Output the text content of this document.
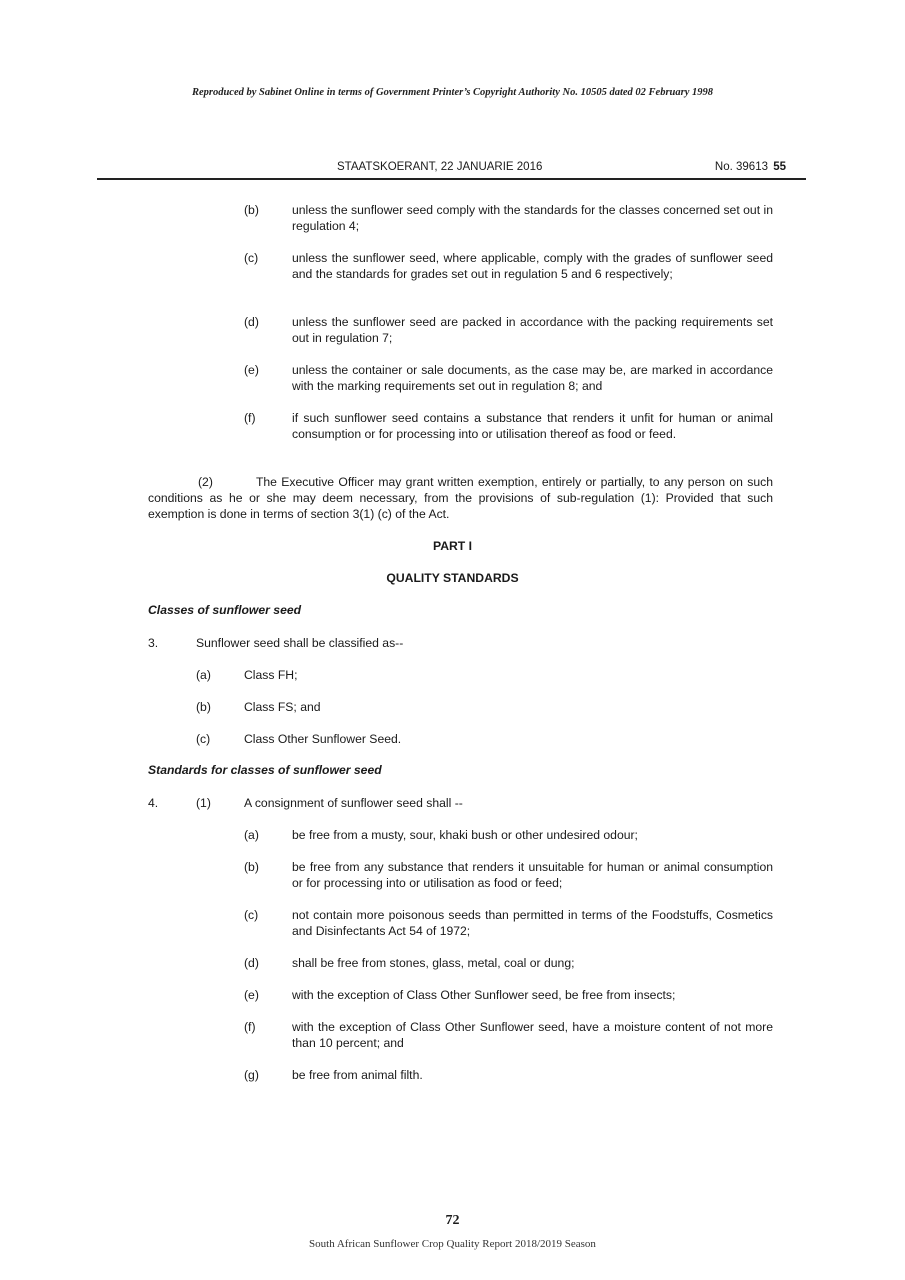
Reproduced by Sabinet Online in terms of Government Printer’s Copyright Authority No. 10505 dated 02 February 1998
STAATSKOERANT, 22 JANUARIE 2016	No. 39613 55
(b)	unless the sunflower seed comply with the standards for the classes concerned set out in regulation 4;
(c)	unless the sunflower seed, where applicable, comply with the grades of sunflower seed and the standards for grades set out in regulation 5 and 6 respectively;
(d)	unless the sunflower seed are packed in accordance with the packing requirements set out in regulation 7;
(e)	unless the container or sale documents, as the case may be, are marked in accordance with the marking requirements set out in regulation 8; and
(f)	if such sunflower seed contains a substance that renders it unfit for human or animal consumption or for processing into or utilisation thereof as food or feed.
(2)	The Executive Officer may grant written exemption, entirely or partially, to any person on such conditions as he or she may deem necessary, from the provisions of sub-regulation (1): Provided that such exemption is done in terms of section 3(1) (c) of the Act.
PART I
QUALITY STANDARDS
Classes of sunflower seed
3.	Sunflower seed shall be classified as--
(a)	Class FH;
(b)	Class FS; and
(c)	Class Other Sunflower Seed.
Standards for classes of sunflower seed
4.	(1)	A consignment of sunflower seed shall --
(a)	be free from a musty, sour, khaki bush or other undesired odour;
(b)	be free from any substance that renders it unsuitable for human or animal consumption or for processing into or utilisation as food or feed;
(c)	not contain more poisonous seeds than permitted in terms of the Foodstuffs, Cosmetics and Disinfectants Act 54 of 1972;
(d)	shall be free from stones, glass, metal, coal or dung;
(e)	with the exception of Class Other Sunflower seed, be free from insects;
(f)	with the exception of Class Other Sunflower seed, have a moisture content of not more than 10 percent; and
(g)	be free from animal filth.
72
South African Sunflower Crop Quality Report 2018/2019 Season
